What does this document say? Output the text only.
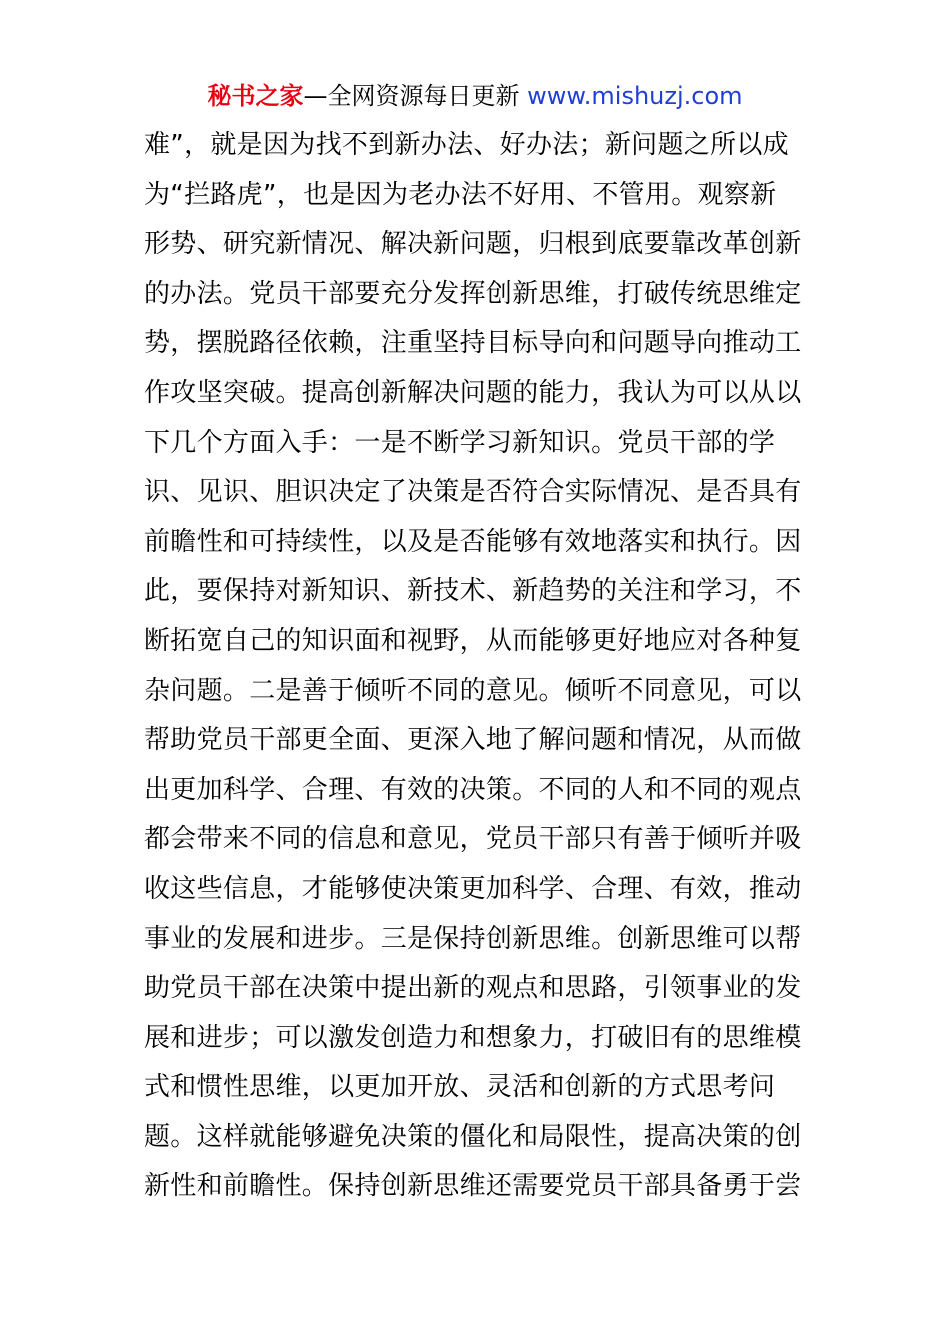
秘书之家—全网资源每日更新 www.mishuzj.com
难”，就是因为找不到新办法、好办法；新问题之所以成
为“拦路虎”，也是因为老办法不好用、不管用。观察新
形势、研究新情况、解决新问题，归根到底要靠改革创新
的办法。党员干部要充分发挥创新思维，打破传统思维定
势，摆脱路径依赖，注重坚持目标导向和问题导向推动工
作攻坚突破。提高创新解决问题的能力，我认为可以从以
下几个方面入手：一是不断学习新知识。党员干部的学
识、见识、胆识决定了决策是否符合实际情况、是否具有
前瞻性和可持续性，以及是否能够有效地落实和执行。因
此，要保持对新知识、新技术、新趋势的关注和学习，不
断拓宽自己的知识面和视野，从而能够更好地应对各种复
杂问题。二是善于倾听不同的意见。倾听不同意见，可以
帮助党员干部更全面、更深入地了解问题和情况，从而做
出更加科学、合理、有效的决策。不同的人和不同的观点
都会带来不同的信息和意见，党员干部只有善于倾听并吸
收这些信息，才能够使决策更加科学、合理、有效，推动
事业的发展和进步。三是保持创新思维。创新思维可以帮
助党员干部在决策中提出新的观点和思路，引领事业的发
展和进步；可以激发创造力和想象力，打破旧有的思维模
式和惯性思维，以更加开放、灵活和创新的方式思考问
题。这样就能够避免决策的僵化和局限性，提高决策的创
新性和前瞻性。保持创新思维还需要党员干部具备勇于尝
